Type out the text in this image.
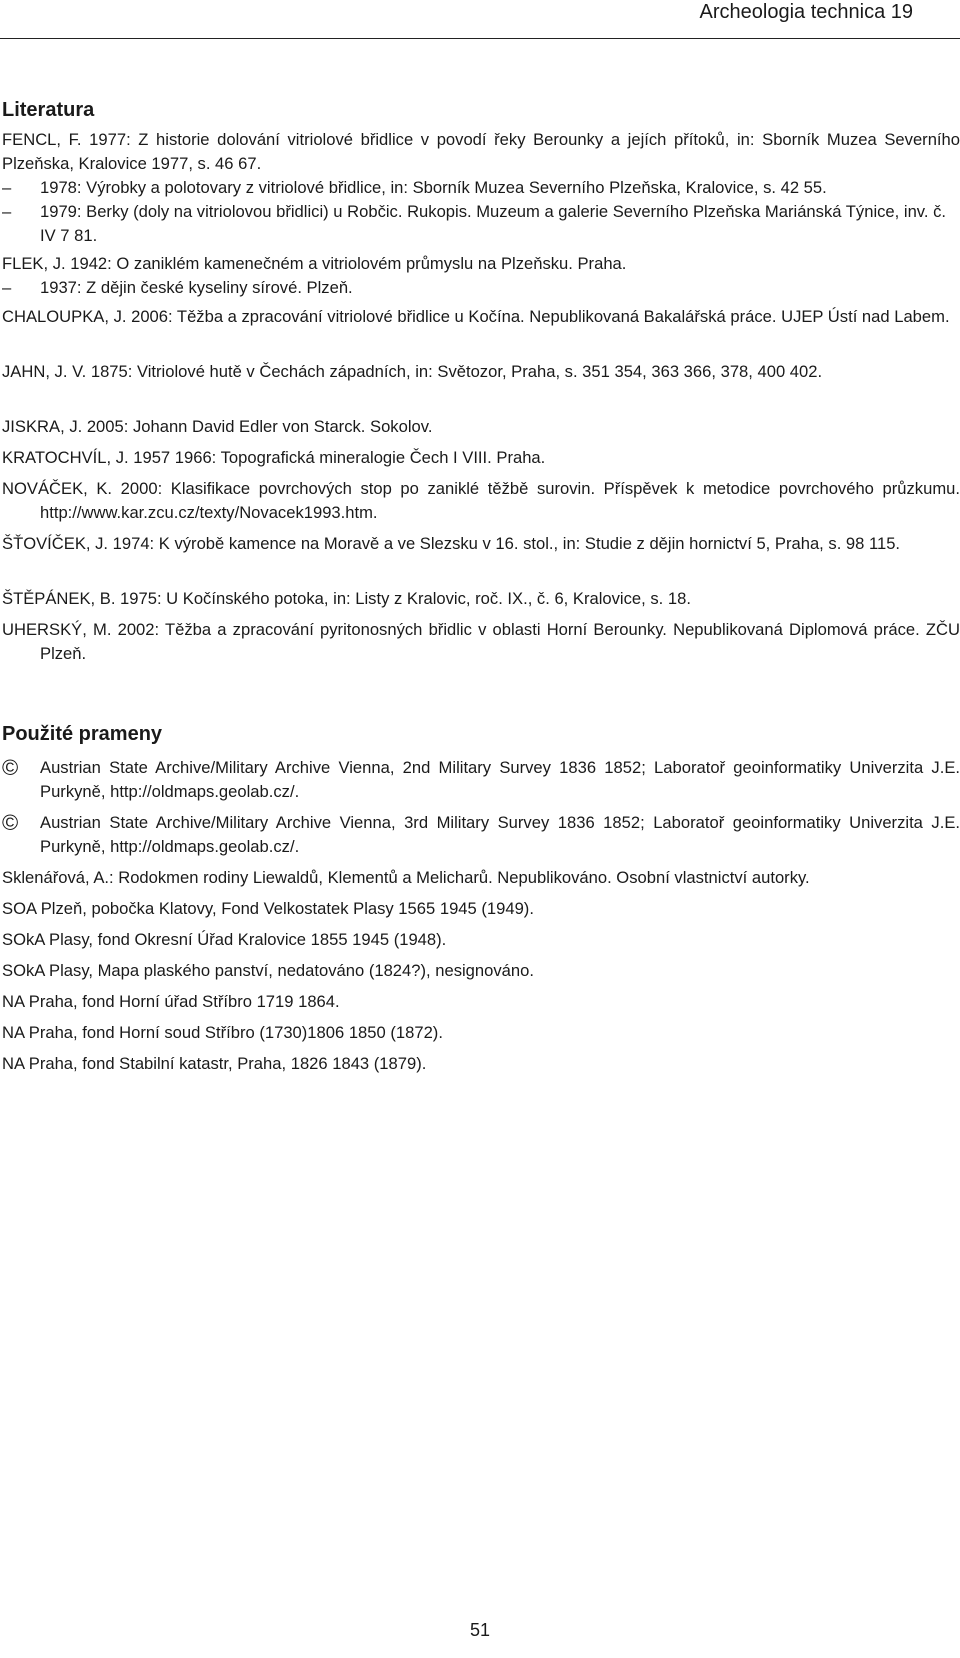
Archeologia technica 19
Literatura
FENCL, F. 1977: Z historie dolování vitriolové břidlice v povodí řeky Berounky a jejích přítoků, in: Sborník Muzea Severního Plzeňska, Kralovice 1977, s. 46 67.
– 1978: Výrobky a polotovary z vitriolové břidlice, in: Sborník Muzea Severního Plzeňska, Kralovice, s. 42 55.
– 1979: Berky (doly na vitriolovou břidlici) u Robčic. Rukopis. Muzeum a galerie Severního Plzeňska Mariánská Týnice, inv. č. IV 7 81.
FLEK, J. 1942: O zaniklém kamenečném a vitriolovém průmyslu na Plzeňsku. Praha.
– 1937: Z dějin české kyseliny sírové. Plzeň.
CHALOUPKA, J. 2006: Těžba a zpracování vitriolové břidlice u Kočína. Nepublikovaná Bakalářská práce. UJEP Ústí nad Labem.
JAHN, J. V. 1875: Vitriolové hutě v Čechách západních, in: Světozor, Praha, s. 351 354, 363 366, 378, 400 402.
JISKRA, J. 2005: Johann David Edler von Starck. Sokolov.
KRATOCHVÍL, J. 1957 1966: Topografická mineralogie Čech I VIII. Praha.
NOVÁČEK, K. 2000: Klasifikace povrchových stop po zaniklé těžbě surovin. Příspěvek k metodice povrchového průzkumu. http://www.kar.zcu.cz/texty/Novacek1993.htm.
ŠŤOVÍČEK, J. 1974: K výrobě kamence na Moravě a ve Slezsku v 16. stol., in: Studie z dějin hornictví 5, Praha, s. 98 115.
ŠTĚPÁNEK, B. 1975: U Kočínského potoka, in: Listy z Kralovic, roč. IX., č. 6, Kralovice, s. 18.
UHERSKÝ, M. 2002: Těžba a zpracování pyritonosných břidlic v oblasti Horní Berounky. Nepublikovaná Diplomová práce. ZČU Plzeň.
Použité prameny
© Austrian State Archive/Military Archive Vienna, 2nd Military Survey 1836 1852; Laboratoř geoinformatiky Univerzita J.E. Purkyně, http://oldmaps.geolab.cz/.
© Austrian State Archive/Military Archive Vienna, 3rd Military Survey 1836 1852; Laboratoř geoinformatiky Univerzita J.E. Purkyně, http://oldmaps.geolab.cz/.
Sklenářová, A.: Rodokmen rodiny Liewaldů, Klementů a Melicharů. Nepublikováno. Osobní vlastnictví autorky.
SOA Plzeň, pobočka Klatovy, Fond Velkostatek Plasy 1565 1945 (1949).
SOkA Plasy, fond Okresní Úřad Kralovice 1855 1945 (1948).
SOkA Plasy, Mapa plaského panství, nedatováno (1824?), nesignováno.
NA Praha, fond Horní úřad Stříbro 1719 1864.
NA Praha, fond Horní soud Stříbro (1730)1806 1850 (1872).
NA Praha, fond Stabilní katastr, Praha, 1826 1843 (1879).
51
